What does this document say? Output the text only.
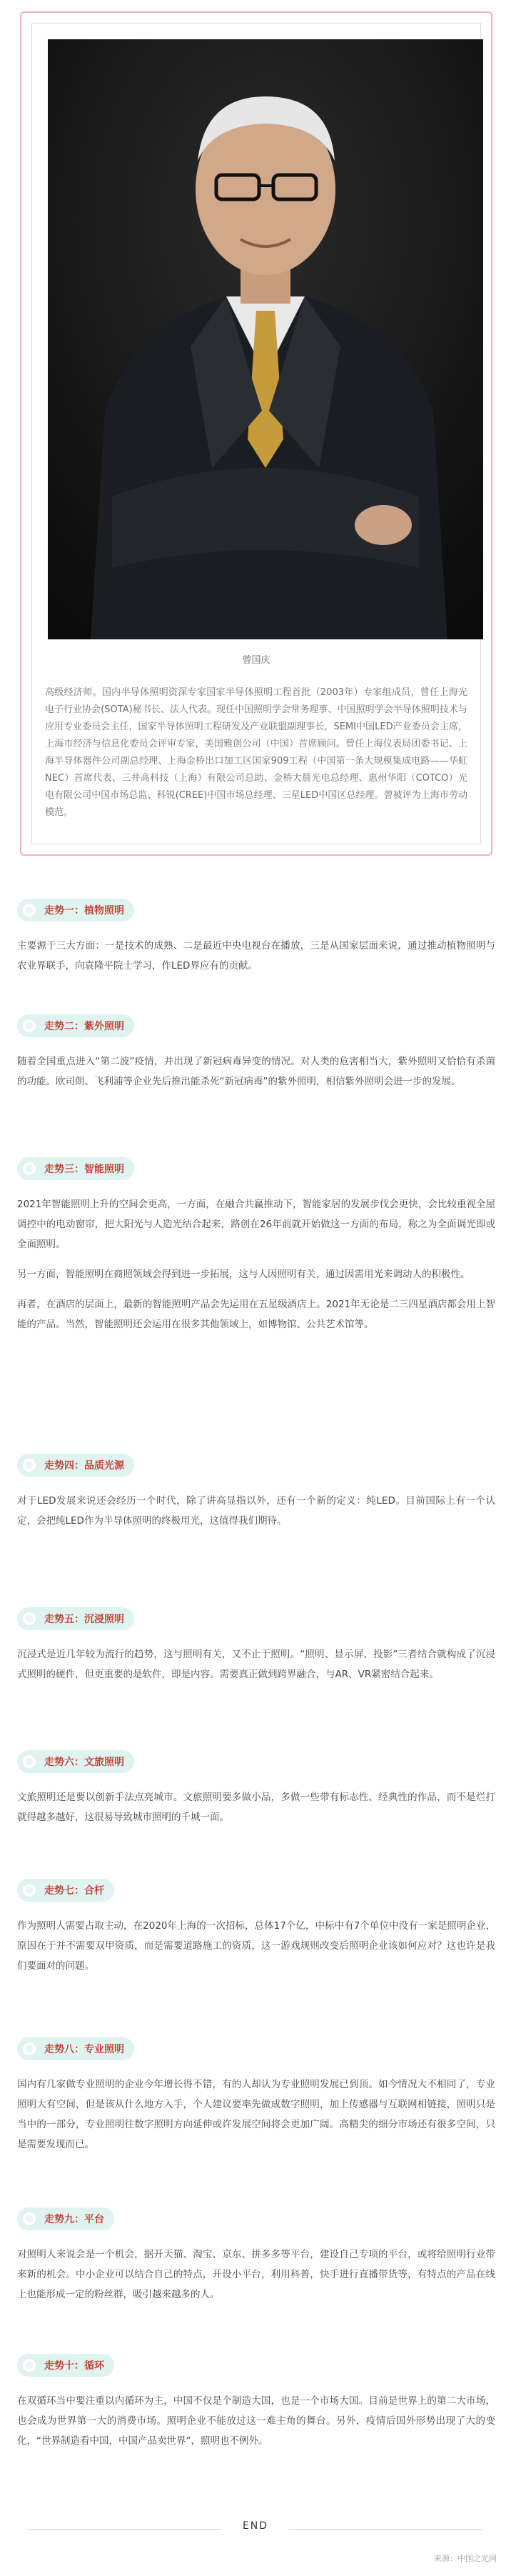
曾国庆
高级经济师。国内半导体照明资深专家国家半导体照明工程首批（2003年）专家组成员，曾任上海光电子行业协会(SOTA)秘书长、法人代表。现任中国照明学会常务理事、中国照明学会半导体照明技术与应用专业委员会主任，国家半导体照明工程研发及产业联盟副理事长，SEMI中国LED产业委员会主席，上海市经济与信息化委员会评审专家，美国雅创公司（中国）首席顾问。曾任上海仪表局团委书记、上海半导体器件公司副总经理、上海金桥出口加工区国家909工程（中国第一条大规模集成电路——华虹NEC）首席代表、三井高科技（上海）有限公司总助、金桥大晨光电总经理、惠州华阳（COTCO）光电有限公司中国市场总监、科锐(CREE)中国市场总经理、三星LED中国区总经理。曾被评为上海市劳动模范。
走势一：植物照明
主要源于三大方面：一是技术的成熟、二是最近中央电视台在播放，三是从国家层面来说，通过推动植物照明与农业界联手，向袁隆平院士学习，作LED界应有的贡献。
走势二：紫外照明
随着全国重点进入“第二波”疫情，并出现了新冠病毒异变的情况。对人类的危害相当大，紫外照明又恰恰有杀菌的功能。欧司朗、飞利浦等企业先后推出能杀死“新冠病毒”的紫外照明，相信紫外照明会进一步的发展。
走势三：智能照明
2021年智能照明上升的空间会更高，一方面，在融合共赢推动下，智能家居的发展步伐会更快，会比较重视全屋调控中的电动窗帘，把大阳光与人造光结合起来，路创在26年前就开始做这一方面的布局，称之为全面调光即或全面照明。
另一方面，智能照明在商照领域会得到进一步拓展，这与人因照明有关，通过因需用光来调动人的积极性。
再者，在酒店的层面上，最新的智能照明产品会先运用在五星级酒店上。2021年无论是二三四星酒店都会用上智能的产品。当然，智能照明还会运用在很多其他领域上，如博物馆、公共艺术馆等。
走势四：品质光源
对于LED发展来说还会经历一个时代，除了讲高显指以外，还有一个新的定义：纯LED。目前国际上有一个认定，会把纯LED作为半导体照明的终极用光，这值得我们期待。
走势五：沉浸照明
沉浸式是近几年较为流行的趋势，这与照明有关，又不止于照明。“照明、显示屏、投影”三者结合就构成了沉浸式照明的硬件，但更重要的是软件，即是内容。需要真正做到跨界融合，与AR、VR紧密结合起来。
走势六：文旅照明
文旅照明还是要以创新手法点亮城市。文旅照明要多做小品，多做一些带有标志性、经典性的作品，而不是烂打就得越多越好，这很易导致城市照明的千城一面。
走势七：合杆
作为照明人需要占取主动，在2020年上海的一次招标，总体17个亿，中标中有7个单位中没有一家是照明企业，原因在于并不需要双甲资质，而是需要道路施工的资质，这一游戏规则改变后照明企业该如何应对？这也许是我们要面对的问题。
走势八：专业照明
国内有几家做专业照明的企业今年增长得不错，有的人却认为专业照明发展已到顶。如今情况大不相同了，专业照明大有空间，但是该从什么地方入手，个人建议要率先做成数字照明，加上传感器与互联网相链接，照明只是当中的一部分，专业照明往数字照明方向延伸或许发展空间将会更加广阔。高精尖的细分市场还有很多空间，只是需要发现而已。
走势九：平台
对照明人来说会是一个机会，据开天猫、淘宝、京东、拼多多等平台，建设自己专项的平台，或将给照明行业带来新的机会。中小企业可以结合自己的特点，开设小平台，利用科普，快手进行直播带货等，有特点的产品在线上也能形成一定的粉丝群，吸引越来越多的人。
走势十：循环
在双循环当中要注重以内循环为主，中国不仅是个制造大国，也是一个市场大国。目前是世界上的第二大市场，也会成为世界第一大的消费市场。照明企业不能放过这一难主角的舞台。另外，疫情后国外形势出现了大的变化，“世界制造看中国，中国产品卖世界”，照明也不例外。
END
来源：中国之光网
